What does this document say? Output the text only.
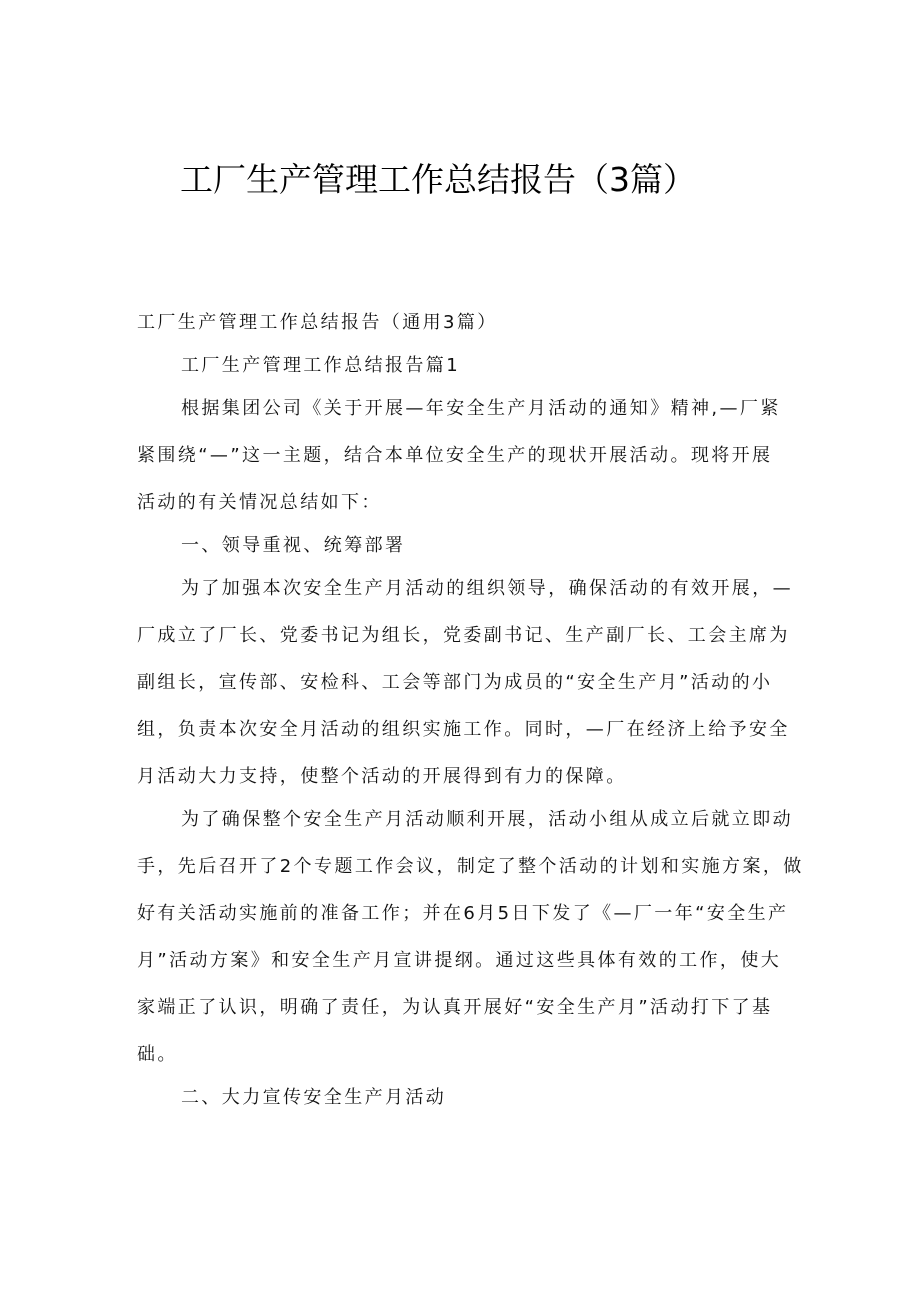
工厂生产管理工作总结报告（3篇）
工厂生产管理工作总结报告（通用3篇）
工厂生产管理工作总结报告篇1
根据集团公司《关于开展—年安全生产月活动的通知》精神,—厂紧
紧围绕“—”这一主题，结合本单位安全生产的现状开展活动。现将开展
活动的有关情况总结如下：
一、领导重视、统筹部署
为了加强本次安全生产月活动的组织领导，确保活动的有效开展，—
厂成立了厂长、党委书记为组长，党委副书记、生产副厂长、工会主席为
副组长，宣传部、安检科、工会等部门为成员的“安全生产月”活动的小
组，负责本次安全月活动的组织实施工作。同时，—厂在经济上给予安全
月活动大力支持，使整个活动的开展得到有力的保障。
为了确保整个安全生产月活动顺利开展，活动小组从成立后就立即动
手，先后召开了2个专题工作会议，制定了整个活动的计划和实施方案，做
好有关活动实施前的准备工作；并在6月5日下发了《—厂一年“安全生产
月”活动方案》和安全生产月宣讲提纲。通过这些具体有效的工作，使大
家端正了认识，明确了责任，为认真开展好“安全生产月”活动打下了基
础。
二、大力宣传安全生产月活动
